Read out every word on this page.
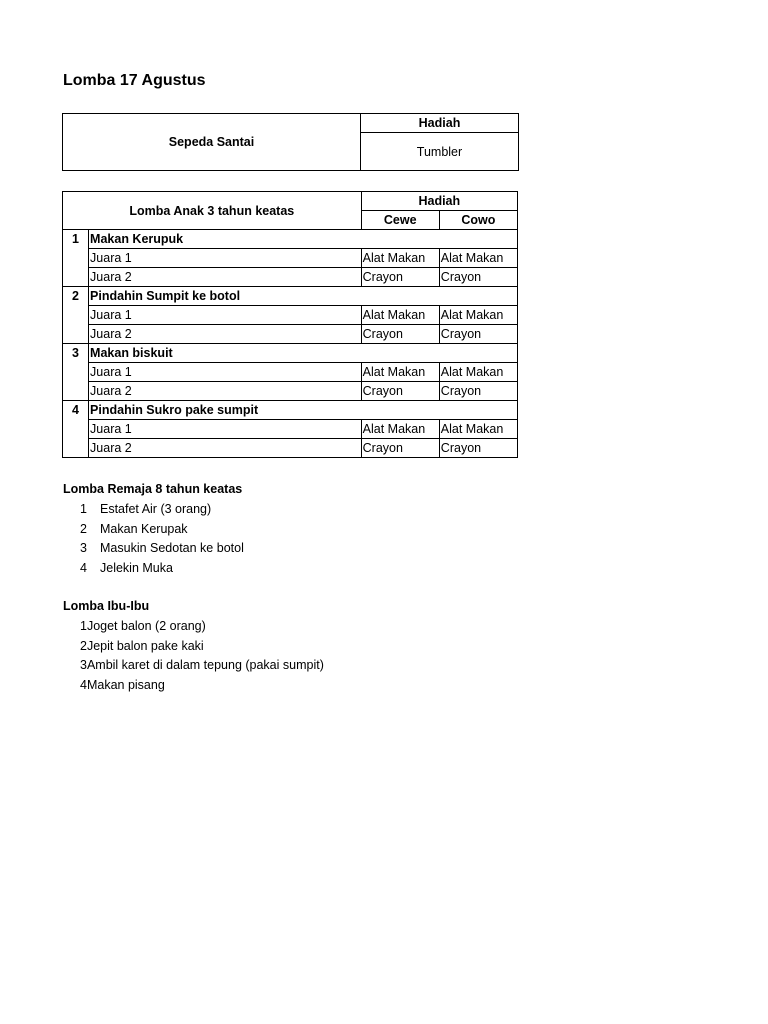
Lomba 17 Agustus
Sepeda Santai	Hadiah
Tumbler
Lomba Anak 3 tahun keatas		Hadiah	
		Cewe	Cowo
1	Makan Kerupuk		
	Juara 1	Alat Makan	Alat Makan
	Juara 2	Crayon	Crayon
2	Pindahin Sumpit ke botol		
	Juara 1	Alat Makan	Alat Makan
	Juara 2	Crayon	Crayon
3	Makan biskuit		
	Juara 1	Alat Makan	Alat Makan
	Juara 2	Crayon	Crayon
4	Pindahin Sukro pake sumpit		
	Juara 1	Alat Makan	Alat Makan
	Juara 2	Crayon	Crayon
Lomba Remaja 8 tahun keatas
1 Estafet Air (3 orang)
2 Makan Kerupak
3 Masukin Sedotan ke botol
4 Jelekin Muka
Lomba Ibu-Ibu
1Joget balon (2 orang)
2Jepit balon pake kaki
3Ambil karet di dalam tepung (pakai sumpit)
4Makan pisang
